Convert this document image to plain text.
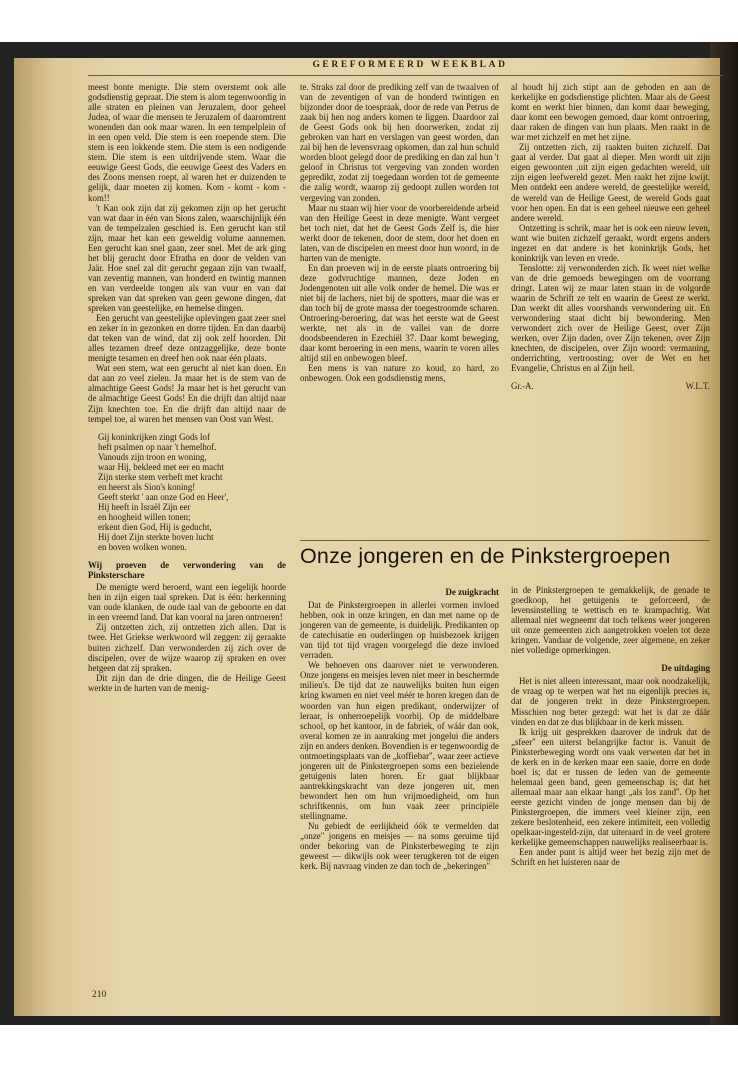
GEREFORMEERD WEEKBLAD

meest bonte menigte. Die stem overstemt ook alle godsdienstig gepraat. Die stem is alom tegenwoordig in alle straten en pleinen van Jeruzalem, door geheel Judea, of waar die mensen te Jeruzalem of daaromtrent wonenden dan ook maar waren. In een tempelplein of in een open veld. Die stem is een roepende stem. Die stem is een lokkende stem. Die stem is een nodigende stem. Die stem is een uitdrijvende stem. Waar die eeuwige Geest Gods, die eeuwige Geest des Vaders en des Zoons mensen roept, al waren het er duizenden te gelijk, daar moeten zij komen. Kom - komt - kom - kom!!

't Kan ook zijn dat zij gekomen zijn op het gerucht van wat daar in één van Sions zalen, waarschijnlijk één van de tempelzalen geschied is. Een gerucht kan stil zijn, maar het kan een geweldig volume aannemen. Een gerucht kan snel gaan, zeer snel. Met de ark ging het blij gerucht door Efratha en door de velden van Jaär. Hoe snel zal dit gerucht gegaan zijn van twaalf, van zeventig mannen, van honderd en twintig mannen en van verdeelde tongen als van vuur en van dat spreken van dat spreken van geen gewone dingen, dat spreken van geestelijke, en hemelse dingen.

Een gerucht van geestelijke oplevingen gaat zeer snel en zeker in in gezonken en dorre tijden. En dan daarbij dat teken van de wind, dat zij ook zelf hoorden. Dit alles tezamen dreef deze ontzaggelijke, deze bonte menigte tesamen en dreef hen ook naar één plaats.

Wat een stem, wat een gerucht al niet kan doen. En dat aan zo veel zielen. Ja maar het is de stem van de almachtige Geest Gods! Ja maar het is het gerucht van de almachtige Geest Gods! En die drijft dan altijd naar Zijn knechten toe. En die drijft dan altijd naar de tempel toe, al waren het mensen van Oost van West.

Gij koninkrijken zingt Gods lof
heft psalmen op naar 't hemelhof.
Vanouds zijn troon en woning,
waar Hij, bekleed met eer en macht
Zijn sterke stem verheft met kracht
en heerst als Sion's koning!
Geeft sterkt ' aan onze God en Heer',
Hij heeft in Israël Zijn eer
en hoogheid willen tonen;
erkent dien God, Hij is geducht,
Hij doet Zijn sterkte boven lucht
en boven wolken wonen.
Wij proeven de verwondering van de Pinksterschare

De menigte werd beroerd, want een iegelijk hoorde hen in zijn eigen taal spreken. Dat is één: herkenning van oude klanken, de oude taal van de geboorte en dat in een vreemd land. Dat kan vooral na jaren ontroeren!

Zij ontzetten zich, zij ontzetten zich allen. Dat is twee. Het Griekse werkwoord wil zeggen: zij geraakte buiten zichzelf. Dan verwonderden zij zich over de discipelen, over de wijze waarop zij spraken en over hetgeen dat zij spraken.

Dit zijn dan de drie dingen, die de Heilige Geest werkte in de harten van de menig-

te. Straks zal door de prediking zelf van de twaalven of van de zeventigen of van de honderd twintigen en bijzonder door de toespraak, door de rede van Petrus de zaak bij hen nog anders komen te liggen. Daardoor zal de Geest Gods ook bij hen doorwerken, zodat zij gebroken van hart en verslagen van geest worden, dan zal bij hen de levensvraag opkomen, dan zal hun schuld worden bloot gelegd door de prediking en dan zal hun 't geloof in Christus tot vergeving van zonden worden gepredikt, zodat zij toegedaan worden tot de gemeente die zalig wordt, waarop zij gedoopt zullen worden tot vergeving van zonden.

Maar nu staan wij hier voor de voorbereidende arbeid van den Heilige Geest in deze menigte. Want vergeet het toch niet, dat het de Geest Gods Zelf is, die hier werkt door de tekenen, door de stem, door het doen en laten, van de discipelen en meest door hun woord, in de harten van de menigte.

En dan proeven wij in de eerste plaats ontroering bij deze godvruchtige mannen, deze Joden en Jodengenoten uit alle volk onder de hemel. Die was er niet bij de lachers, niet bij de spotters, maar die was er dan toch bij de grote massa der toegestroomde scharen. Ontroering-beroering, dat was het eerste wat de Geest werkte, net als in de vallei van de dorre doodsbeenderen in Ezechiël 37. Daar komt beweging, daar komt beroering in een mens, waarin te voren alles altijd stil en onbewogen bleef.

Een mens is van nature zo koud, zo hard, zo onbewogen. Ook een godsdienstig mens,

al houdt hij zich stipt aan de geboden en aan de kerkelijke en godsdienstige plichten. Maar als de Geest komt en werkt hier binnen, dan komt daar beweging, daar komt een bewogen gemoed, daar komt ontroering, daar raken de dingen van hun plaats. Men raakt in de war met zichzelf en met het zijne.

Zij ontzetten zich, zij raakten buiten zichzelf. Dat gaat al verder. Dat gaat al dieper. Men wordt uit zijn eigen gewoonten ,uit zijn eigen gedachten wereld, uit zijn eigen leefwereld gezet. Men raakt het zijne kwijt. Men ontdekt een andere wereld, de geestelijke wereld, de wereld van de Heilige Geest, de wereld Gods gaat voor hen open. En dat is een geheel nieuwe een geheel andere wereld.

Ontzetting is schrik, maar het is ook een nieuw leven, want wie buiten zichzelf geraakt, wordt ergens anders ingezet en dat andere is het koninkrijk Gods, het koninkrijk van leven en vrede.

Tenslotte: zij verwonderden zich. Ik weet niet welke van de drie gemoeds bewegingen om de voorrang dringt. Laten wij ze maar laten staan in de volgorde waarin de Schrift ze telt en waarin de Geest ze werkt. Dan werkt dit alles voorshands verwondering uit. En verwondering staat dicht bij bewondering. Men verwondert zich over de Heilige Geest, over Zijn werken, over Zijn daden, over Zijn tekenen, over Zijn knechten, de discipelen, over Zijn woord: vermaning, onderrichting, vertroosting; over de Wet en het Evangelie, Christus en al Zijn heil.

Gr.-A.	W.L.T.
Onze jongeren en de Pinkstergroepen
De zuigkracht

Dat de Pinkstergroepen in allerlei vormen invloed hebben, ook in onze kringen, en dan met name op de jongeren van de gemeente, is duidelijk. Predikanten op de catechisatie en ouderlingen op huisbezoek krijgen van tijd tot tijd vragen voorgelegd die deze invloed verraden.

We behoeven ons daarover niet te verwonderen. Onze jongens en meisjes leven niet meer in beschermde milieu's. De tijd dat ze nauwelijks buiten hun eigen kring kwamen en niet veel méér te horen kregen dan de woorden van hun eigen predikant, onderwijzer of leraar, is onherroepelijk voorbij. Op de middelbare school, op het kantoor, in de fabriek, of wáár dan ook, overal komen ze in aanraking met jongelui die anders zijn en anders denken. Bovendien is er tegenwoordig de ontmoetingsplaats van de „koffiebar", waar zeer actieve jongeren uit de Pinkstergroepen soms een bezielende getuigenis laten horen. Er gaat blijkbaar aantrekkingskracht van deze jongeren uit, men bewondert hen om hun vrijmoedigheid, om hun schriftkennis, om hun vaak zeer principiële stellingname.

Nu gebiedt de eerlijkheid óók te vermelden dat „onze" jongens en meisjes — na soms geruime tijd onder bekoring van de Pinksterbeweging te zijn geweest — dikwijls ook weer terugkeren tot de eigen kerk. Bij navraag vinden ze dan toch de „bekeringen"

in de Pinkstergroepen te gemakkelijk, de genade te goedkoop, het getuigenis te geforceerd, de levensinstelling te wettisch en te krampachtig. Wat allemaal niet wegneemt dat toch telkens weer jongeren uit onze gemeenten zich aangetrokken voelen tot deze kringen. Vandaar de volgende, zeer algemene, en zeker niet volledige opmerkingen.

De uitdaging

Het is niet alleen interessant, maar ook noodzakelijk, de vraag op te werpen wat het nu eigenlijk precies is, dat de jongeren trekt in deze Pinkstergroepen. Misschien nog beter gezegd: wat het is dat ze dáár vinden en dat ze dus blijkbaar in de kerk missen.

Ik krijg uit gesprekken daarover de indruk dat de „sfeer" een uiterst belangrijke factor is. Vanuit de Pinksterbeweging wordt ons vaak verweten dat het in de kerk en in de kerken maar een saaie, dorre en dode boel is; dat er tussen de leden van de gemeente helemaal geen band, geen gemeenschap is; dat het allemaal maar aan elkaar hangt „als los zand". Op het eerste gezicht vinden de jonge mensen dan bij de Pinkstergroepen, die immers veel kleiner zijn, een zekere beslotenheid, een zekere intimiteit, een volledig opelkaar-ingesteld-zijn, dat uiteraard in de veel grotere kerkelijke gemeenschappen nauwelijks realiseerbaar is.

Een ander punt is altijd weer het bezig zijn met de Schrift en het luisteren naar de

210
